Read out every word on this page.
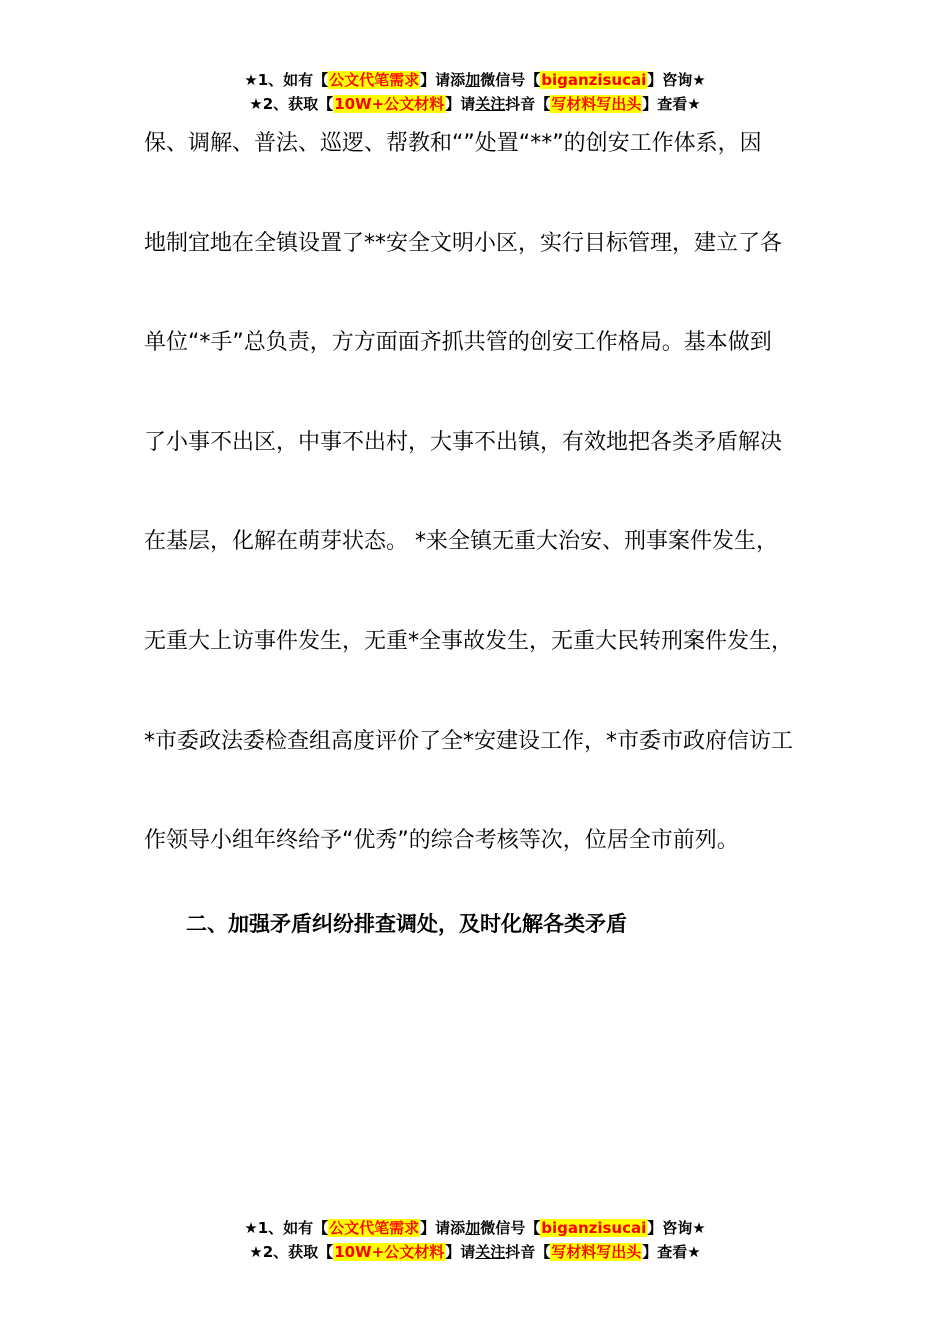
★1、如有【公文代笔需求】请添加微信号【biganzisucai】咨询★
★2、获取【10W+公文材料】请关注抖音【写材料写出头】查看★
保、调解、普法、巡逻、帮教和“”处置“**”的创安工作体系，因
地制宜地在全镇设置了**安全文明小区，实行目标管理，建立了各
单位“*手”总负责，方方面面齐抓共管的创安工作格局。基本做到
了小事不出区，中事不出村，大事不出镇，有效地把各类矛盾解决
在基层，化解在萌芽状态。 *来全镇无重大治安、刑事案件发生，
无重大上访事件发生，无重*全事故发生，无重大民转刑案件发生，
*市委政法委检查组高度评价了全*安建设工作，*市委市政府信访工
作领导小组年终给予“优秀”的综合考核等次，位居全市前列。
二、加强矛盾纠纷排查调处，及时化解各类矛盾
★1、如有【公文代笔需求】请添加微信号【biganzisucai】咨询★
★2、获取【10W+公文材料】请关注抖音【写材料写出头】查看★
